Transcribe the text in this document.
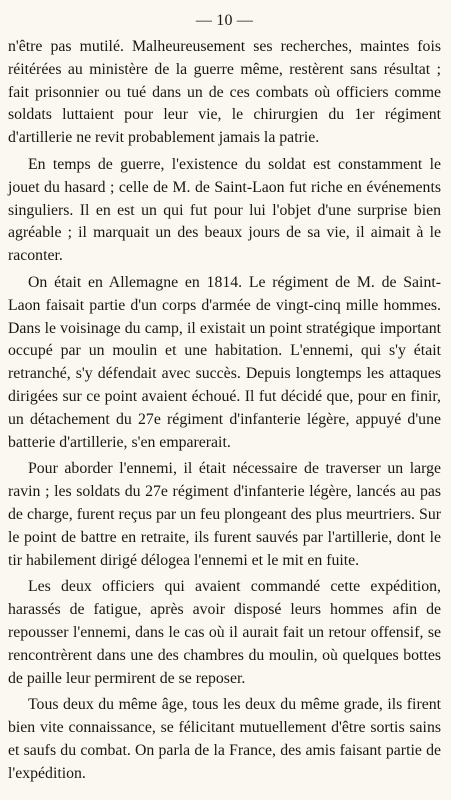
— 10 —

n'être pas mutilé. Malheureusement ses recherches, maintes fois réitérées au ministère de la guerre même, restèrent sans résultat ; fait prisonnier ou tué dans un de ces combats où officiers comme soldats luttaient pour leur vie, le chirurgien du 1er régiment d'artillerie ne revit probablement jamais la patrie.

En temps de guerre, l'existence du soldat est constamment le jouet du hasard ; celle de M. de Saint-Laon fut riche en événements singuliers. Il en est un qui fut pour lui l'objet d'une surprise bien agréable ; il marquait un des beaux jours de sa vie, il aimait à le raconter.

On était en Allemagne en 1814. Le régiment de M. de Saint-Laon faisait partie d'un corps d'armée de vingt-cinq mille hommes. Dans le voisinage du camp, il existait un point stratégique important occupé par un moulin et une habitation. L'ennemi, qui s'y était retranché, s'y défendait avec succès. Depuis longtemps les attaques dirigées sur ce point avaient échoué. Il fut décidé que, pour en finir, un détachement du 27e régiment d'infanterie légère, appuyé d'une batterie d'artillerie, s'en emparerait.

Pour aborder l'ennemi, il était nécessaire de traverser un large ravin ; les soldats du 27e régiment d'infanterie légère, lancés au pas de charge, furent reçus par un feu plongeant des plus meurtriers. Sur le point de battre en retraite, ils furent sauvés par l'artillerie, dont le tir habilement dirigé délogea l'ennemi et le mit en fuite.

Les deux officiers qui avaient commandé cette expédition, harassés de fatigue, après avoir disposé leurs hommes afin de repousser l'ennemi, dans le cas où il aurait fait un retour offensif, se rencontrèrent dans une des chambres du moulin, où quelques bottes de paille leur permirent de se reposer.

Tous deux du même âge, tous les deux du même grade, ils firent bien vite connaissance, se félicitant mutuellement d'être sortis sains et saufs du combat. On parla de la France, des amis faisant partie de l'expédition.
